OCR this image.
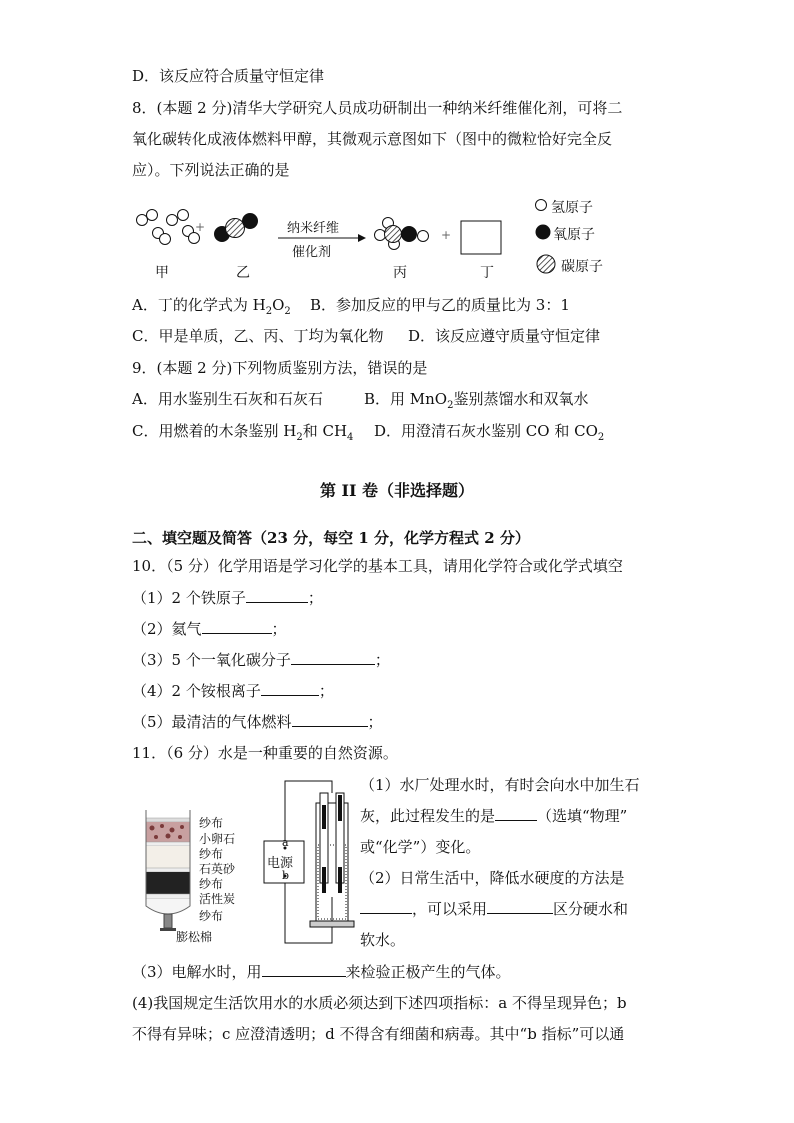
D．该反应符合质量守恒定律
8．(本题 2 分)清华大学研究人员成功研制出一种纳米纤维催化剂，可将二
氧化碳转化成液体燃料甲醇，其微观示意图如下（图中的微粒恰好完全反
应）。下列说法正确的是
+
+
纳米纤维
催化剂
甲	乙	丙	丁
氢原子
氧原子
碳原子
A．丁的化学式为 $H_2O_2$ B．参加反应的甲与乙的质量比为 3：1
C．甲是单质，乙、丙、丁均为氧化物 D．该反应遵守质量守恒定律
9．(本题 2 分)下列物质鉴别方法，错误的是
A．用水鉴别生石灰和石灰石	B．用 MnO$_2$鉴别蒸馏水和双氧水
C．用燃着的木条鉴别 $H_2$和 $CH_4$ D．用澄清石灰水鉴别 CO 和 $CO_2$
第 II 卷（非选择题）
二、填空题及简答（23 分，每空 1 分，化学方程式 2 分）
10．（5 分）化学用语是学习化学的基本工具，请用化学符合或化学式填空
（1）2 个铁原子	；
（2）氦气	；
（3）5 个一氧化碳分子	；
（4）2 个铵根离子	；
（5）最清洁的气体燃料	；
11．（6 分）水是一种重要的自然资源。
纱布
小卵石
纱布
石英砂
纱布
活性炭
纱布
膨松棉
a
电源
b
（1）水厂处理水时，有时会向水中加生石
灰，此过程发生的是	（选填“物理”
或“化学”）变化。
（2）日常生活中，降低水硬度的方法是
，可以采用	区分硬水和
软水。
（3）电解水时，用	来检验正极产生的气体。
(4)我国规定生活饮用水的水质必须达到下述四项指标：a 不得呈现异色；b
不得有异味；c 应澄清透明；d 不得含有细菌和病毒。其中“b 指标”可以通
